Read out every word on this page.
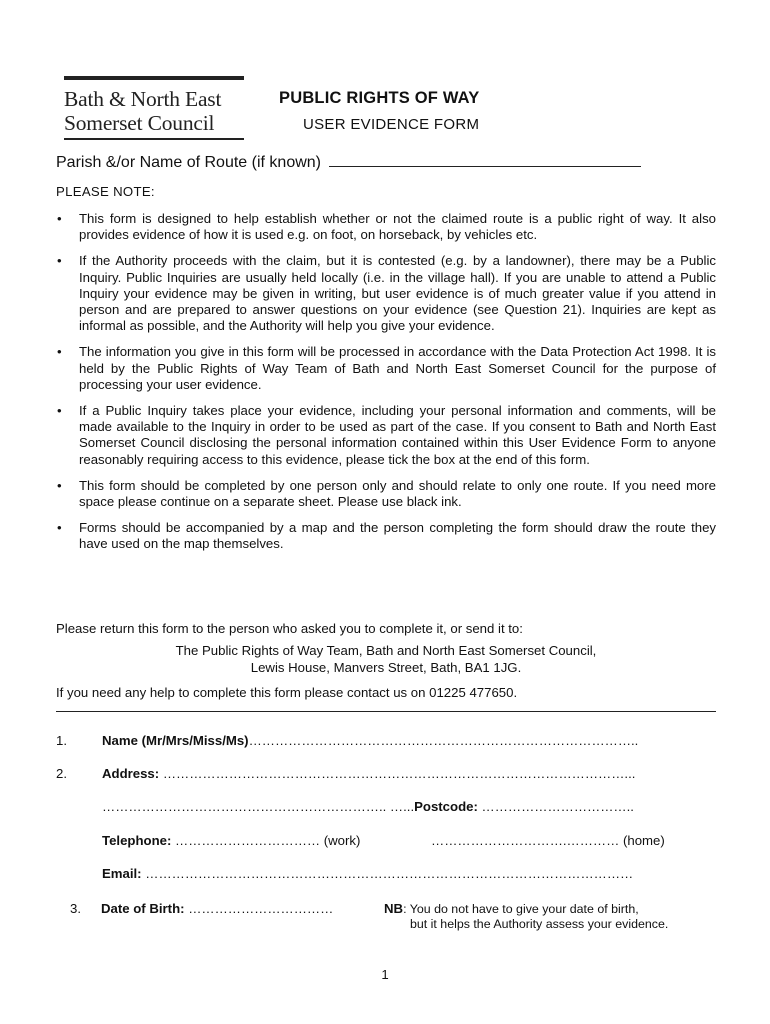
Bath & North East
Somerset Council
PUBLIC RIGHTS OF WAY
USER EVIDENCE FORM
Parish &/or Name of Route (if known)
PLEASE NOTE:
• This form is designed to help establish whether or not the claimed route is a public right of way. It also provides evidence of how it is used e.g. on foot, on horseback, by vehicles etc.
• If the Authority proceeds with the claim, but it is contested (e.g. by a landowner), there may be a Public Inquiry. Public Inquiries are usually held locally (i.e. in the village hall). If you are unable to attend a Public Inquiry your evidence may be given in writing, but user evidence is of much greater value if you attend in person and are prepared to answer questions on your evidence (see Question 21). Inquiries are kept as informal as possible, and the Authority will help you give your evidence.
• The information you give in this form will be processed in accordance with the Data Protection Act 1998. It is held by the Public Rights of Way Team of Bath and North East Somerset Council for the purpose of processing your user evidence.
• If a Public Inquiry takes place your evidence, including your personal information and comments, will be made available to the Inquiry in order to be used as part of the case. If you consent to Bath and North East Somerset Council disclosing the personal information contained within this User Evidence Form to anyone reasonably requiring access to this evidence, please tick the box at the end of this form.
• This form should be completed by one person only and should relate to only one route. If you need more space please continue on a separate sheet. Please use black ink.
• Forms should be accompanied by a map and the person completing the form should draw the route they have used on the map themselves.
Please return this form to the person who asked you to complete it, or send it to:
The Public Rights of Way Team, Bath and North East Somerset Council,
Lewis House, Manvers Street, Bath, BA1 1JG.
If you need any help to complete this form please contact us on 01225 477650.
1.	Name (Mr/Mrs/Miss/Ms)……………………………………………………………………………..
2.	Address: ……………………………………………………………………………………………...
……………………………………………………….. …...Postcode: ……………………………..
Telephone: …………………………… (work)	………………………….………… (home)
Email: …………………………………………………………………………………………………
3. Date of Birth: ……………………………	NB: You do not have to give your date of birth,
but it helps the Authority assess your evidence.
1
